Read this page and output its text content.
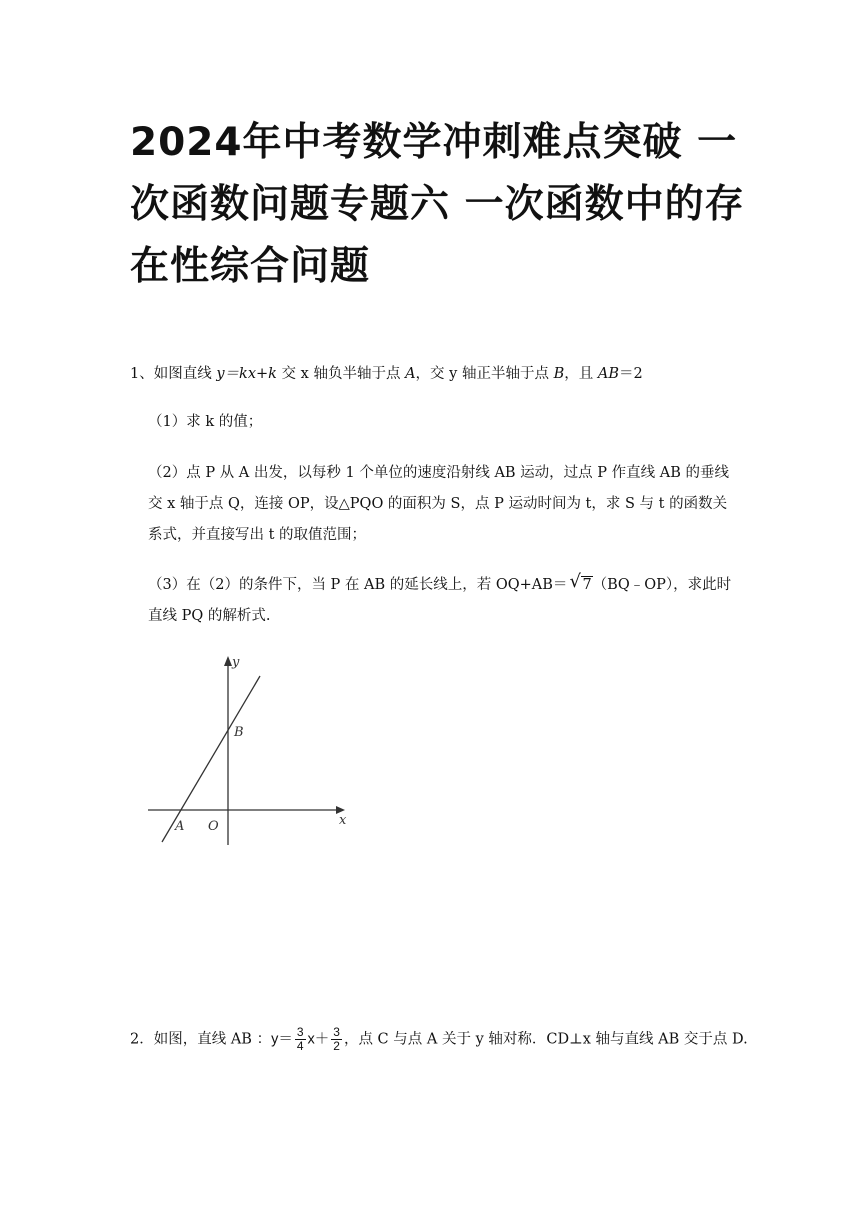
2024年中考数学冲刺难点突破 一次函数问题专题六 一次函数中的存在性综合问题

1、如图直线 y＝kx+k 交 x 轴负半轴于点 A，交 y 轴正半轴于点 B，且 AB＝2

（1）求 k 的值；

（2）点 P 从 A 出发，以每秒 1 个单位的速度沿射线 AB 运动，过点 P 作直线 AB 的垂线交 x 轴于点 Q，连接 OP，设△PQO 的面积为 S，点 P 运动时间为 t，求 S 与 t 的函数关系式，并直接写出 t 的取值范围；

（3）在（2）的条件下，当 P 在 AB 的延长线上，若 OQ+AB＝ √ 7（BQ﹣OP），求此时直线 PQ 的解析式.

y
x
B
A O

2．如图，直线 AB ：$y= \frac{3}{4} x+ \frac{3}{2}$ ，点 C 与点 A 关于 y 轴对称．CD⊥x 轴与直线 AB 交于点 D.
